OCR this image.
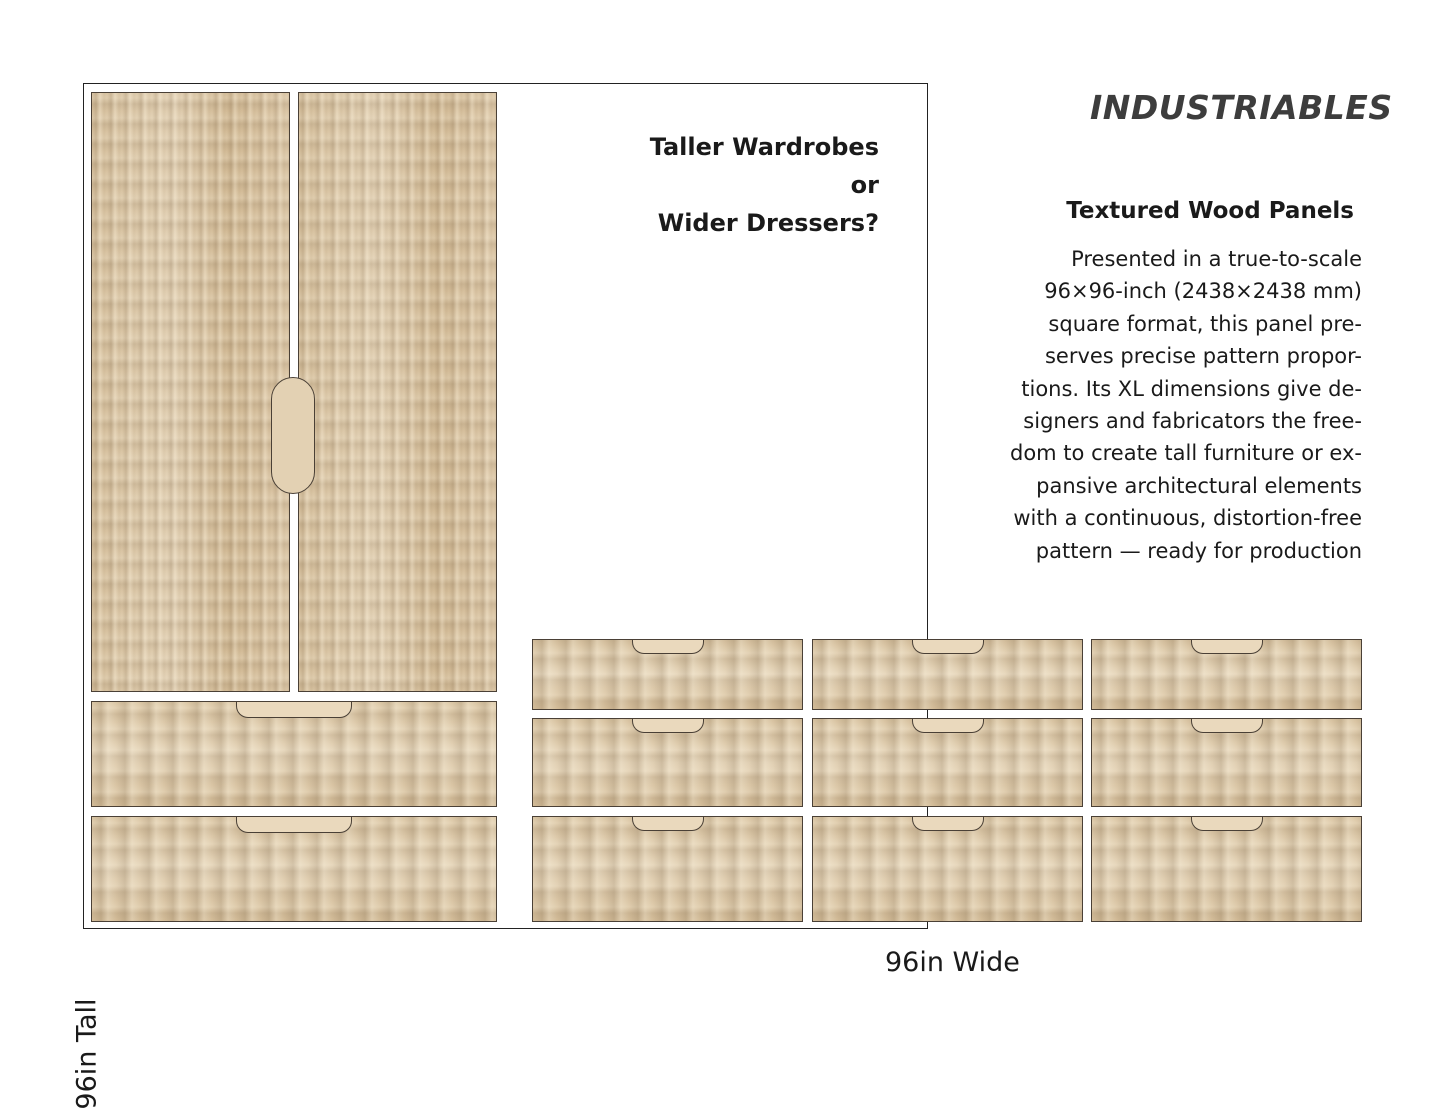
Taller Wardrobes
or
Wider Dressers?
INDUSTRIABLES
Textured Wood Panels
Presented in a true-to-scale
96×96-inch (2438×2438 mm)
square format, this panel pre-
serves precise pattern propor-
tions. Its XL dimensions give de-
signers and fabricators the free-
dom to create tall furniture or ex-
pansive architectural elements
with a continuous, distortion-free
pattern — ready for production
96in Tall
96in Wide
